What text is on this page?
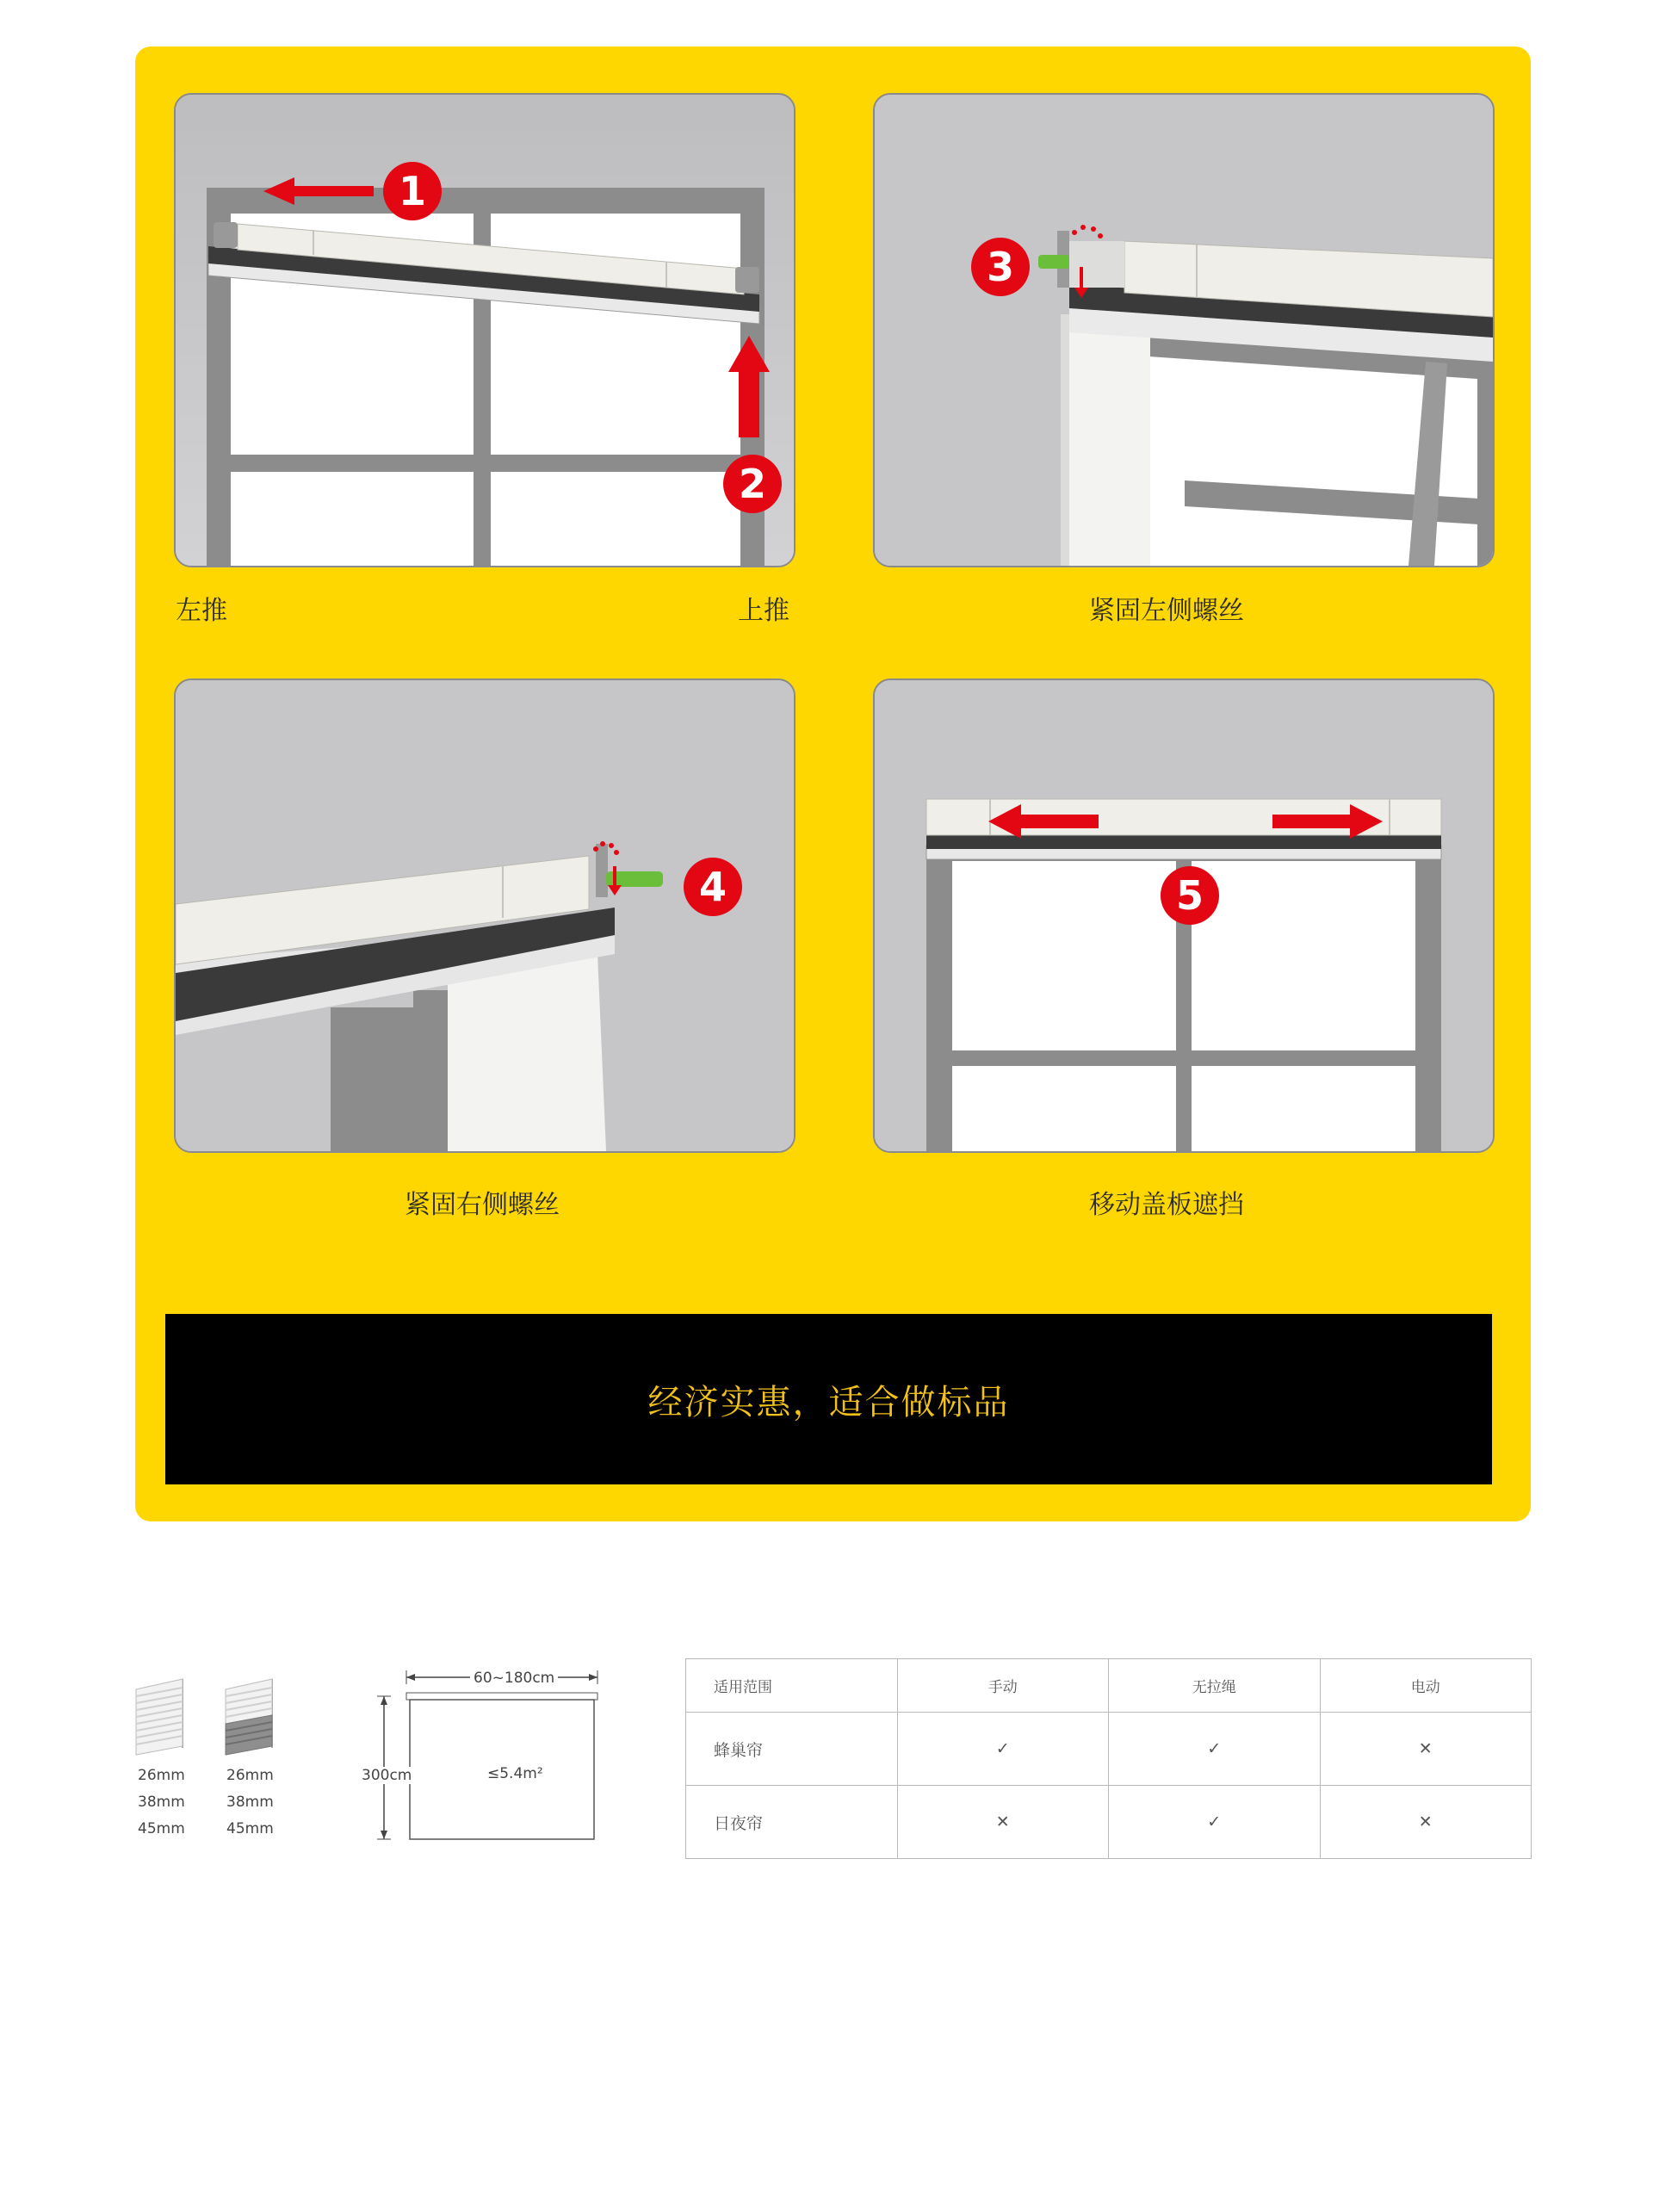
1
2
左推	上推
3
紧固左侧螺丝
4
紧固右侧螺丝
5
移动盖板遮挡
经济实惠，适合做标品
26mm
38mm
45mm
26mm
38mm
45mm
60~180cm
300cm	≤5.4m²
适用范围	手动	无拉绳	电动
蜂巢帘	✓	✓	✕
日夜帘	✕	✓	✕
